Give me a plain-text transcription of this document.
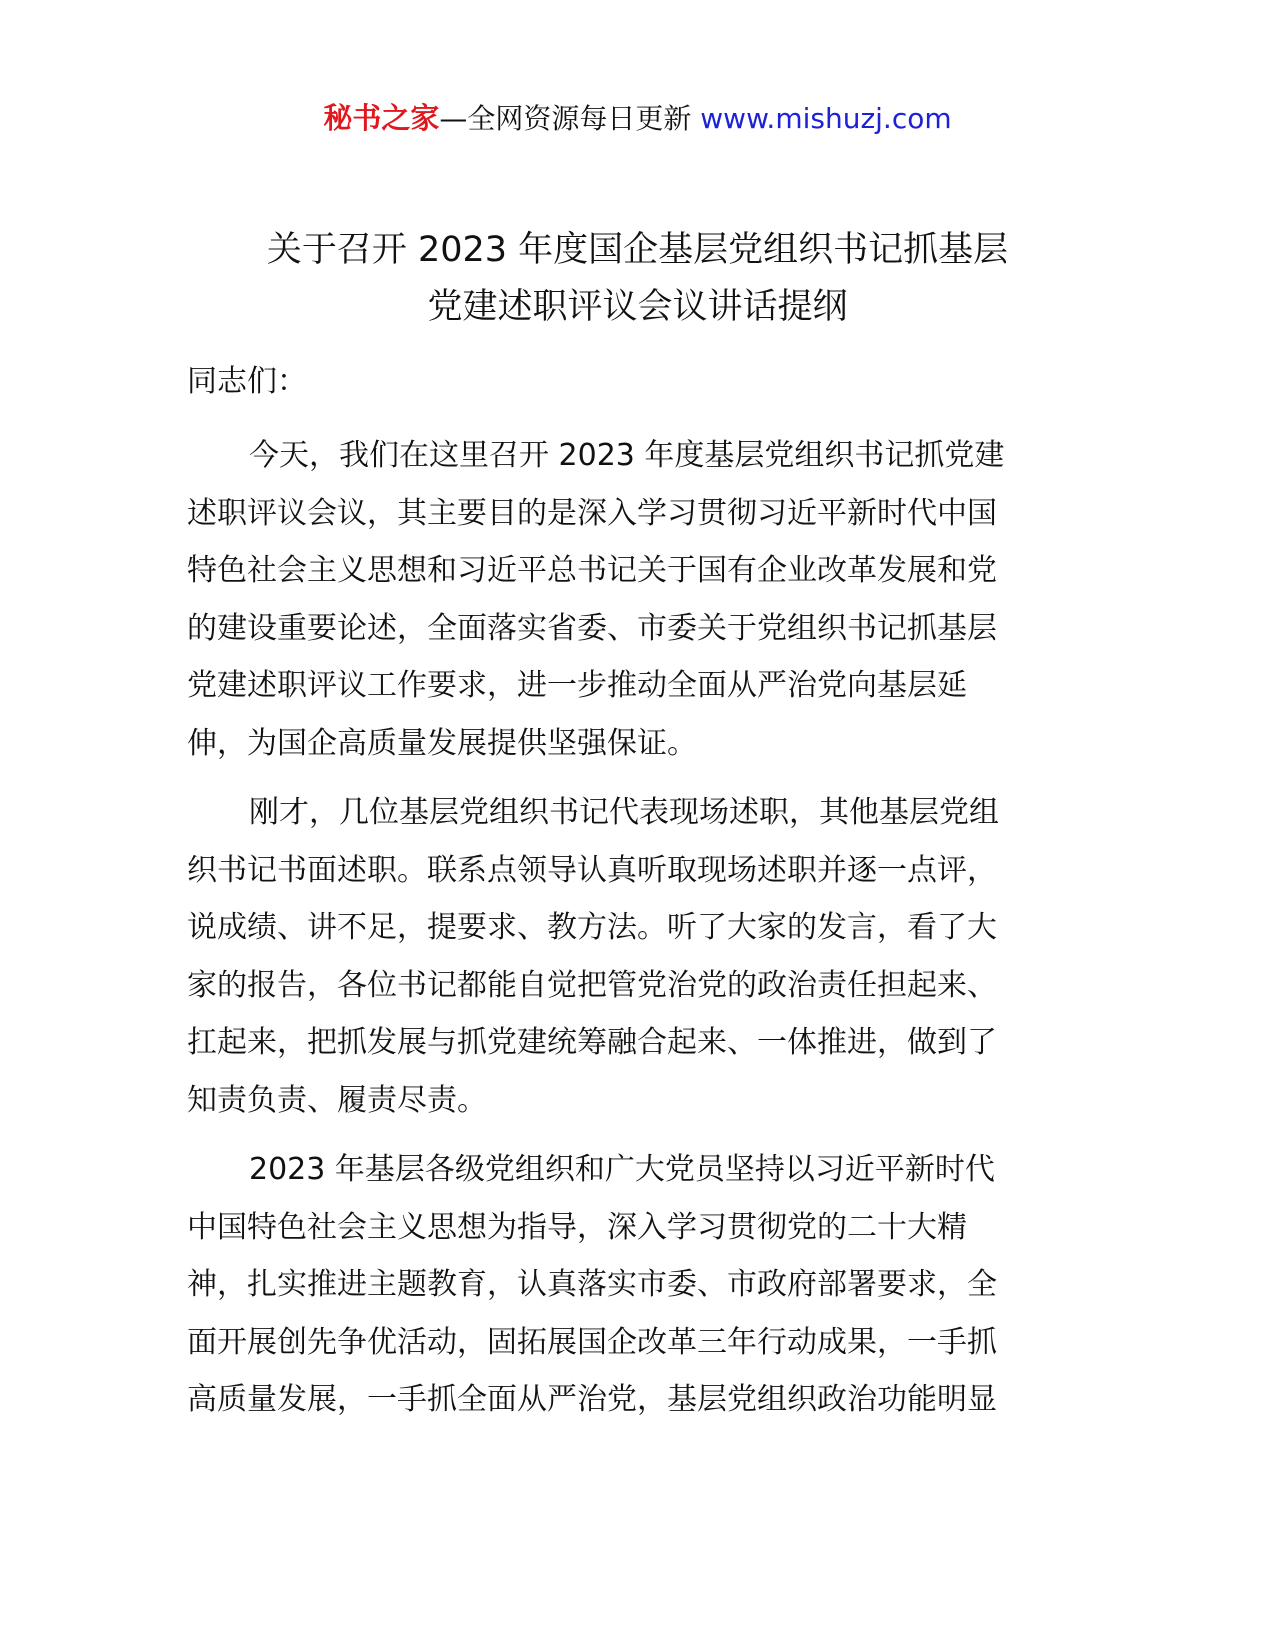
秘书之家—全网资源每日更新 www.mishuzj.com
关于召开 2023 年度国企基层党组织书记抓基层
党建述职评议会议讲话提纲
同志们：
今天，我们在这里召开 2023 年度基层党组织书记抓党建
述职评议会议，其主要目的是深入学习贯彻习近平新时代中国
特色社会主义思想和习近平总书记关于国有企业改革发展和党
的建设重要论述，全面落实省委、市委关于党组织书记抓基层
党建述职评议工作要求，进一步推动全面从严治党向基层延
伸，为国企高质量发展提供坚强保证。
刚才，几位基层党组织书记代表现场述职，其他基层党组
织书记书面述职。联系点领导认真听取现场述职并逐一点评，
说成绩、讲不足，提要求、教方法。听了大家的发言，看了大
家的报告，各位书记都能自觉把管党治党的政治责任担起来、
扛起来，把抓发展与抓党建统筹融合起来、一体推进，做到了
知责负责、履责尽责。
2023 年基层各级党组织和广大党员坚持以习近平新时代
中国特色社会主义思想为指导，深入学习贯彻党的二十大精
神，扎实推进主题教育，认真落实市委、市政府部署要求，全
面开展创先争优活动，固拓展国企改革三年行动成果，一手抓
高质量发展，一手抓全面从严治党，基层党组织政治功能明显
